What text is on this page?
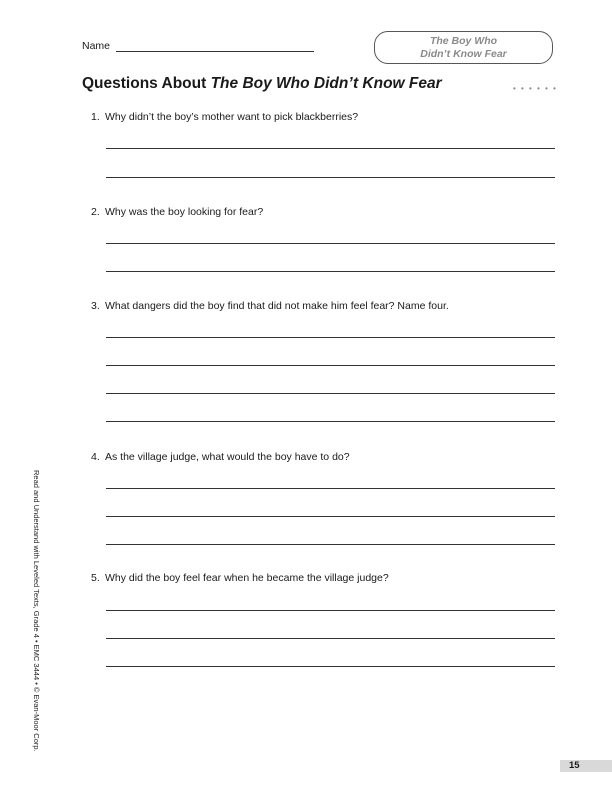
Name	The Boy Who
Didn’t Know Fear
Questions About The Boy Who Didn’t Know Fear	• • • • • •
1. Why didn’t the boy’s mother want to pick blackberries?
2. Why was the boy looking for fear?
3. What dangers did the boy find that did not make him feel fear? Name four.
4. As the village judge, what would the boy have to do?
5. Why did the boy feel fear when he became the village judge?
Read and Understand with Leveled Texts, Grade 4 • EMC 3444 • © Evan-Moor Corp.
15
